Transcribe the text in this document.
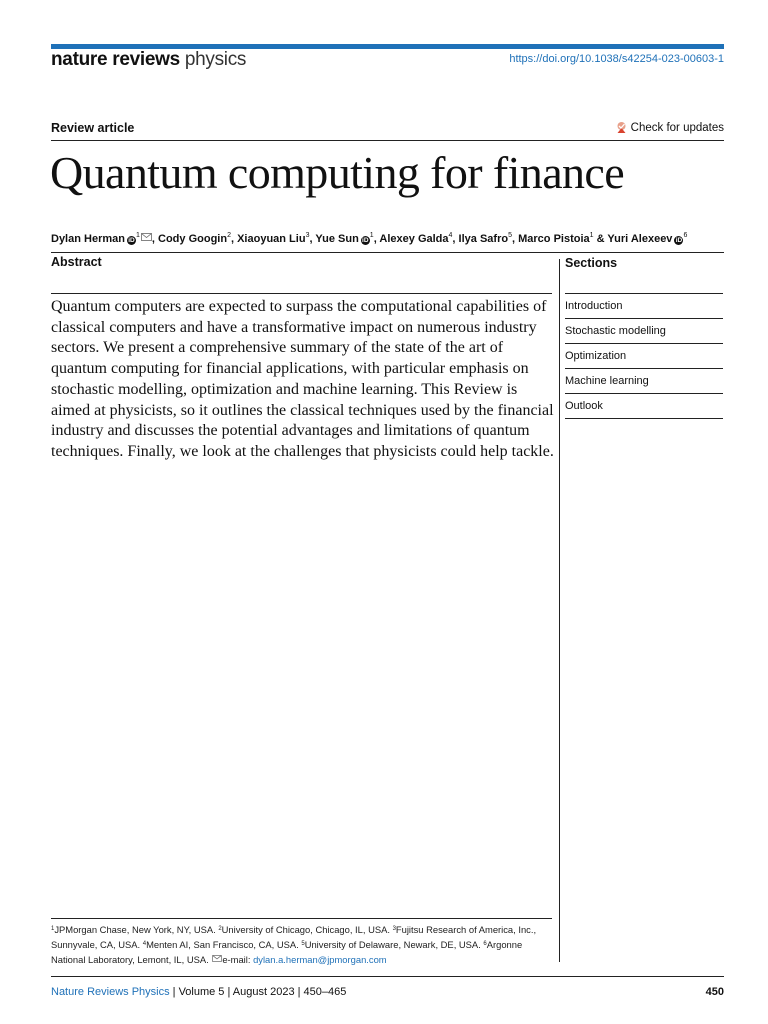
nature reviews physics	https://doi.org/10.1038/s42254-023-00603-1
Review article	Check for updates
Quantum computing for finance
Dylan Herman $iD^1$ , Cody Googin$^2$, Xiaoyuan Liu$^3$, Yue Sun $iD^1$, Alexey Galda$^4$, Ilya Safro$^5$, Marco Pistoia$^1$ & Yuri Alexeev $iD^6$
Abstract

Quantum computers are expected to surpass the computational capabilities of classical computers and have a transformative impact on numerous industry sectors. We present a comprehensive summary of the state of the art of quantum computing for financial applications, with particular emphasis on stochastic modelling, optimization and machine learning. This Review is aimed at physicists, so it outlines the classical techniques used by the financial industry and discusses the potential advantages and limitations of quantum techniques. Finally, we look at the challenges that physicists could help tackle.

Sections
Introduction
Stochastic modelling
Optimization
Machine learning
Outlook

$^1$JPMorgan Chase, New York, NY, USA. $^2$University of Chicago, Chicago, IL, USA. $^3$Fujitsu Research of America, Inc., Sunnyvale, CA, USA. $^4$Menten AI, San Francisco, CA, USA. $^5$University of Delaware, Newark, DE, USA. $^6$Argonne National Laboratory, Lemont, IL, USA. e-mail: dylan.a.herman@jpmorgan.com

Nature Reviews Physics | Volume 5 | August 2023 | 450–465	450
